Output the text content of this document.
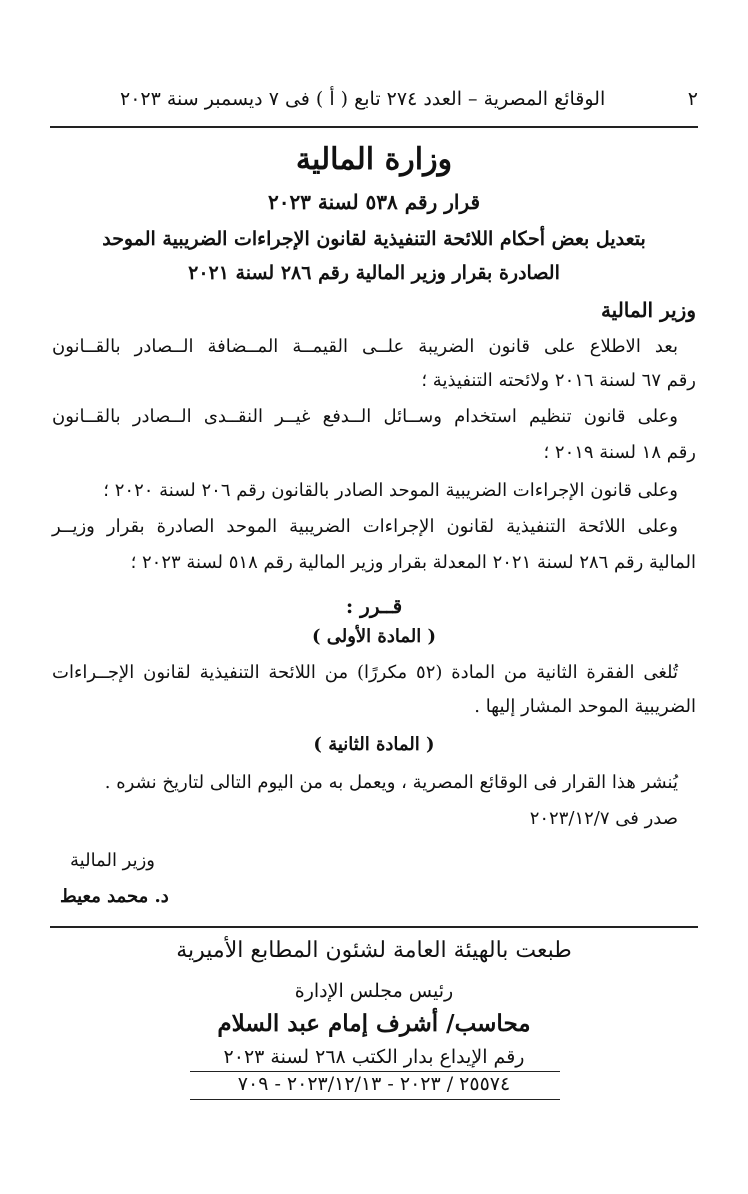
٢
الوقائع المصرية – العدد ٢٧٤ تابع ( أ ) فى ٧ ديسمبر سنة ٢٠٢٣
وزارة المالية
قرار رقم ٥٣٨ لسنة ٢٠٢٣
بتعديل بعض أحكام اللائحة التنفيذية لقانون الإجراءات الضريبية الموحد
الصادرة بقرار وزير المالية رقم ٢٨٦ لسنة ٢٠٢١
وزير المالية
بعد الاطلاع على قانون الضريبة علــى القيمــة المــضافة الــصادر بالقــانون
رقم ٦٧ لسنة ٢٠١٦ ولائحته التنفيذية ؛
وعلى قانون تنظيم استخدام وســائل الــدفع غيــر النقــدى الــصادر بالقــانون
رقم ١٨ لسنة ٢٠١٩ ؛
وعلى قانون الإجراءات الضريبية الموحد الصادر بالقانون رقم ٢٠٦ لسنة ٢٠٢٠ ؛
وعلى اللائحة التنفيذية لقانون الإجراءات الضريبية الموحد الصادرة بقرار وزيــر
المالية رقم ٢٨٦ لسنة ٢٠٢١ المعدلة بقرار وزير المالية رقم ٥١٨ لسنة ٢٠٢٣ ؛
قــرر :
( المادة الأولى )
تُلغى الفقرة الثانية من المادة (٥٢ مكررًا) من اللائحة التنفيذية لقانون الإجــراءات
الضريبية الموحد المشار إليها .
( المادة الثانية )
يُنشر هذا القرار فى الوقائع المصرية ، ويعمل به من اليوم التالى لتاريخ نشره .
صدر فى ٢٠٢٣/١٢/٧
وزير المالية
د. محمد معيط
طبعت بالهيئة العامة لشئون المطابع الأميرية
رئيس مجلس الإدارة
محاسب/ أشرف إمام عبد السلام
رقم الإيداع بدار الكتب ٢٦٨ لسنة ٢٠٢٣
٢٥٥٧٤ / ٢٠٢٣ - ٢٠٢٣/١٢/١٣ - ٧٠٩
